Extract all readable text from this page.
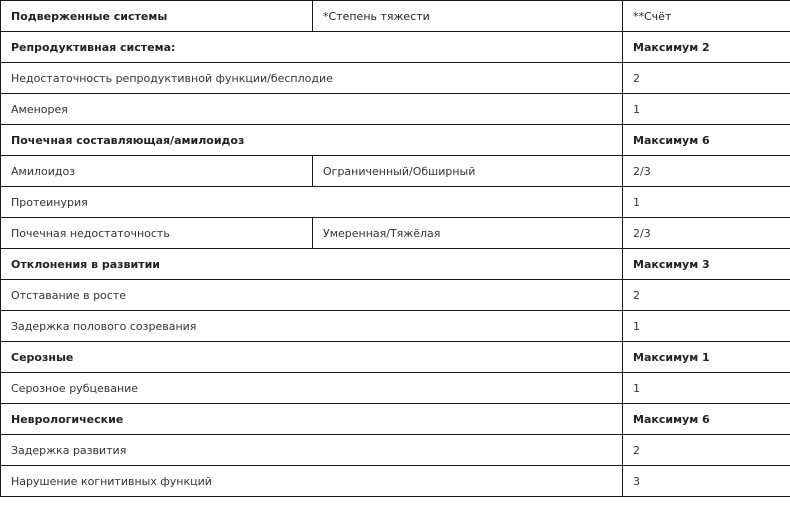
Подверженные системы	*Степень тяжести	**Счёт
Репродуктивная система:		Максимум 2
Недостаточность репродуктивной функции/бесплодие		2
Аменорея		1
Почечная составляющая/амилоидоз		Максимум 6
Амилоидоз	Ограниченный/Обширный	2/3
Протеинурия		1
Почечная недостаточность	Умеренная/Тяжёлая	2/3
Отклонения в развитии		Максимум 3
Отставание в росте		2
Задержка полового созревания		1
Серозные		Максимум 1
Серозное рубцевание		1
Неврологические		Максимум 6
Задержка развития		2
Нарушение когнитивных функций		3
